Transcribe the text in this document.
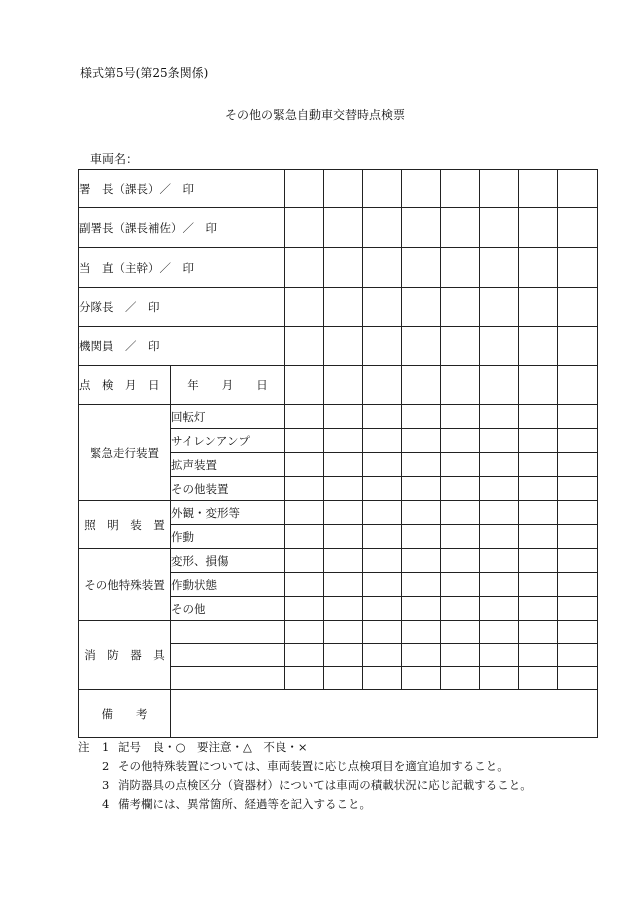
様式第5号(第25条関係)
その他の緊急自動車交替時点検票
車両名：
署　長（課長）／　印									
副署長（課長補佐）／　印									
当　直（主幹）／　印									
分隊長　／　印									
機関員　／　印									
点　検　月　日	年　　月　　日								
緊急走行装置	回転灯								
	サイレンアンプ								
	拡声装置								
	その他装置								
照　明　装　置	外観・変形等								
	作動								
その他特殊装置	変形、損傷								
	作動状態								
	その他								
消　防　器　具									

備　　考									
注	1 記号　良・○　要注意・△　不良・×
2 その他特殊装置については、車両装置に応じ点検項目を適宜追加すること。
3 消防器具の点検区分（資器材）については車両の積載状況に応じ記載すること。
4 備考欄には、異常箇所、経過等を記入すること。
